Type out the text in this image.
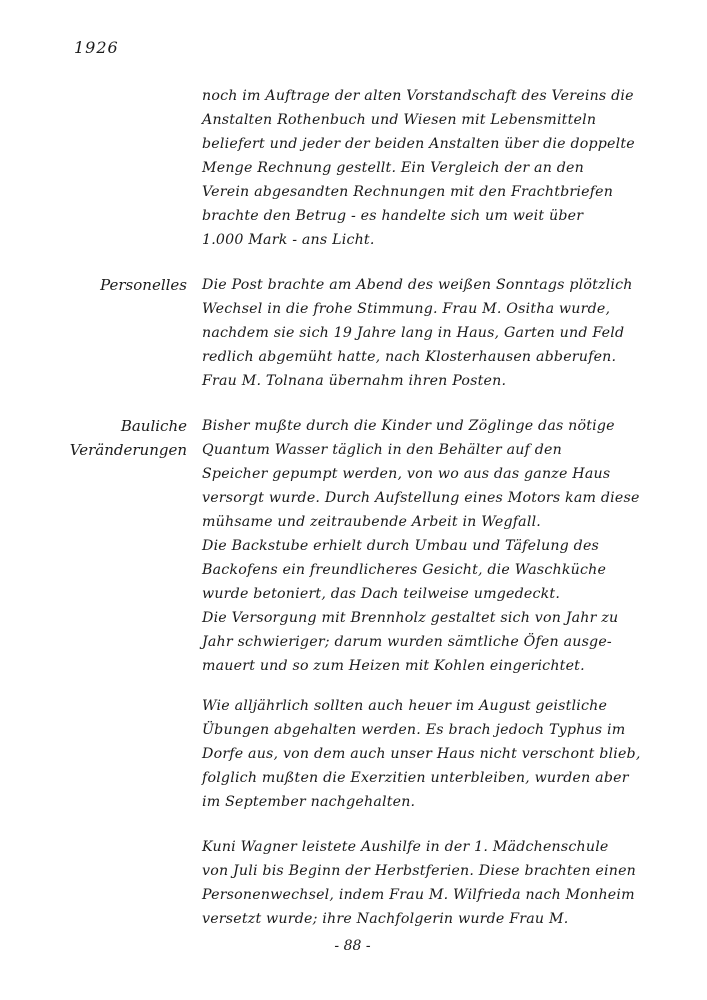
1926
noch im Auftrage der alten Vorstandschaft des Vereins die
Anstalten Rothenbuch und Wiesen mit Lebensmitteln
beliefert und jeder der beiden Anstalten über die doppelte
Menge Rechnung gestellt. Ein Vergleich der an den
Verein abgesandten Rechnungen mit den Frachtbriefen
brachte den Betrug - es handelte sich um weit über
1.000 Mark - ans Licht.
Personelles Die Post brachte am Abend des weißen Sonntags plötzlich
Wechsel in die frohe Stimmung. Frau M. Ositha wurde,
nachdem sie sich 19 Jahre lang in Haus, Garten und Feld
redlich abgemüht hatte, nach Klosterhausen abberufen.
Frau M. Tolnana übernahm ihren Posten.
Bauliche
Veränderungen
Bisher mußte durch die Kinder und Zöglinge das nötige
Quantum Wasser täglich in den Behälter auf den
Speicher gepumpt werden, von wo aus das ganze Haus
versorgt wurde. Durch Aufstellung eines Motors kam diese
mühsame und zeitraubende Arbeit in Wegfall.
Die Backstube erhielt durch Umbau und Täfelung des
Backofens ein freundlicheres Gesicht, die Waschküche
wurde betoniert, das Dach teilweise umgedeckt.
Die Versorgung mit Brennholz gestaltet sich von Jahr zu
Jahr schwieriger; darum wurden sämtliche Öfen ausge-
mauert und so zum Heizen mit Kohlen eingerichtet.
Wie alljährlich sollten auch heuer im August geistliche
Übungen abgehalten werden. Es brach jedoch Typhus im
Dorfe aus, von dem auch unser Haus nicht verschont blieb,
folglich mußten die Exerzitien unterbleiben, wurden aber
im September nachgehalten.
Kuni Wagner leistete Aushilfe in der 1. Mädchenschule
von Juli bis Beginn der Herbstferien. Diese brachten einen
Personenwechsel, indem Frau M. Wilfrieda nach Monheim
versetzt wurde; ihre Nachfolgerin wurde Frau M.
- 88 -
